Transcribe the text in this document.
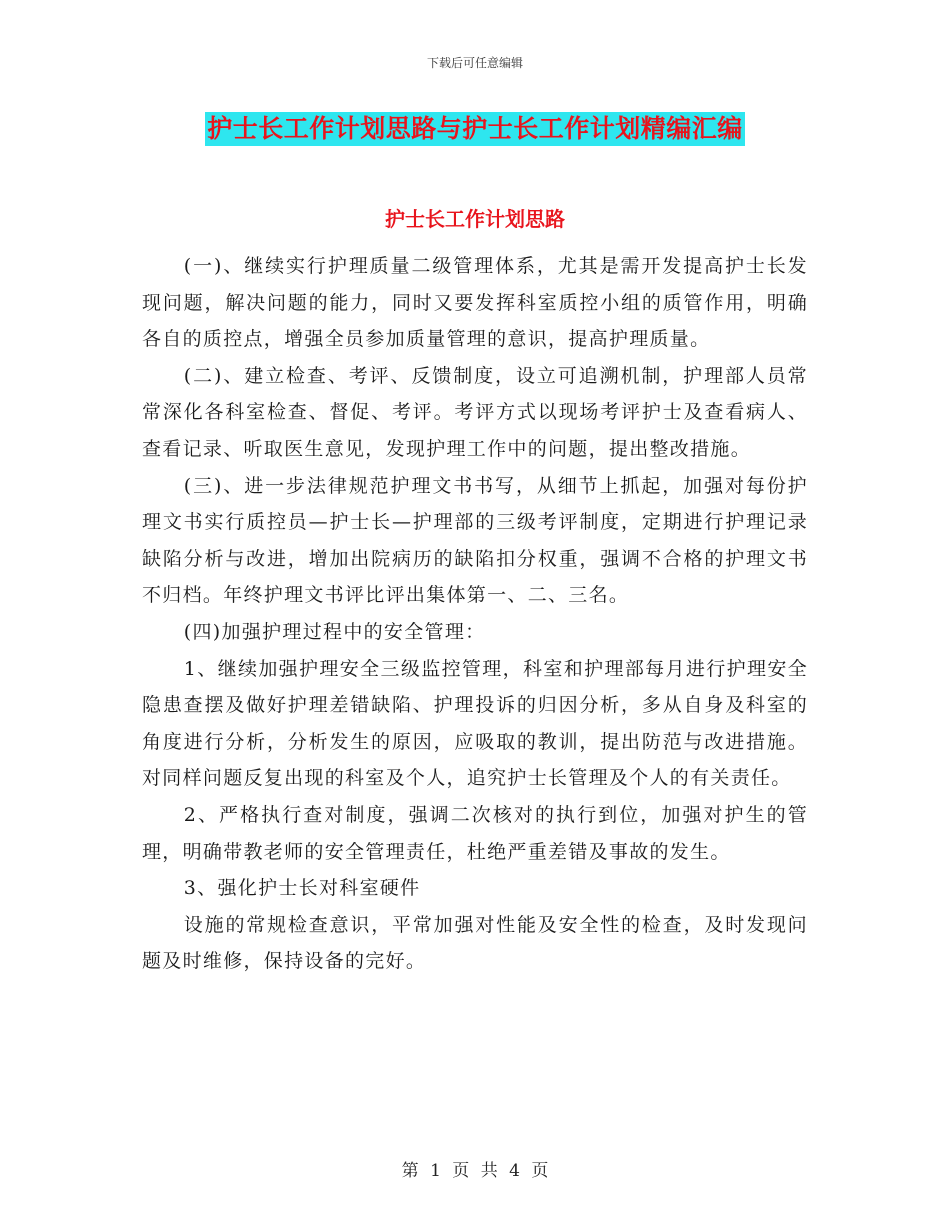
下载后可任意编辑
护士长工作计划思路与护士长工作计划精编汇编
护士长工作计划思路

(一)、继续实行护理质量二级管理体系，尤其是需开发提高护士长发现问题，解决问题的能力，同时又要发挥科室质控小组的质管作用，明确各自的质控点，增强全员参加质量管理的意识，提高护理质量。

(二)、建立检查、考评、反馈制度，设立可追溯机制，护理部人员常常深化各科室检查、督促、考评。考评方式以现场考评护士及查看病人、查看记录、听取医生意见，发现护理工作中的问题，提出整改措施。

(三)、进一步法律规范护理文书书写，从细节上抓起，加强对每份护理文书实行质控员—护士长—护理部的三级考评制度，定期进行护理记录缺陷分析与改进，增加出院病历的缺陷扣分权重，强调不合格的护理文书不归档。年终护理文书评比评出集体第一、二、三名。

(四)加强护理过程中的安全管理：

1、继续加强护理安全三级监控管理，科室和护理部每月进行护理安全隐患查摆及做好护理差错缺陷、护理投诉的归因分析，多从自身及科室的角度进行分析，分析发生的原因，应吸取的教训，提出防范与改进措施。对同样问题反复出现的科室及个人，追究护士长管理及个人的有关责任。

2、严格执行查对制度，强调二次核对的执行到位，加强对护生的管理，明确带教老师的安全管理责任，杜绝严重差错及事故的发生。

3、强化护士长对科室硬件

设施的常规检查意识，平常加强对性能及安全性的检查，及时发现问题及时维修，保持设备的完好。

第 1 页 共 4 页
